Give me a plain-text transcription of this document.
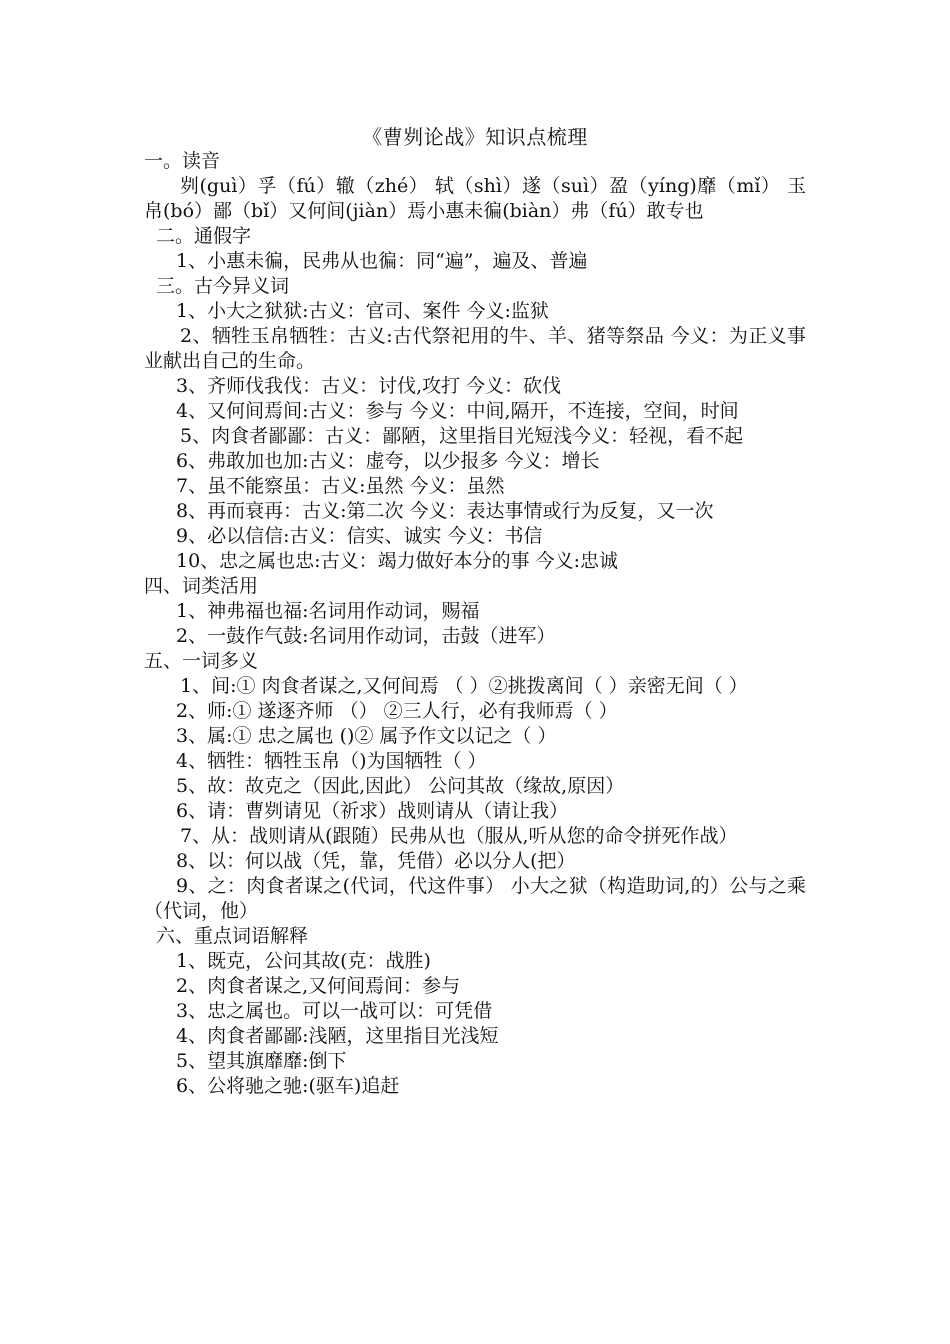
《曹刿论战》知识点梳理

一。读音

刿(guì）孚（fú）辙（zhé） 轼（shì）遂（suì）盈（yíng)靡（mǐ） 玉帛(bó）鄙（bǐ）又何间(jiàn）焉小惠未徧(biàn）弗（fú）敢专也

二。通假字

1、小惠未徧，民弗从也徧：同“遍”，遍及、普遍

三。古今异义词

1、小大之狱狱:古义：官司、案件 今义:监狱

2、牺牲玉帛牺牲：古义:古代祭祀用的牛、羊、猪等祭品 今义：为正义事业献出自己的生命。

3、齐师伐我伐：古义：讨伐,攻打 今义：砍伐

4、又何间焉间:古义：参与 今义：中间,隔开，不连接，空间，时间

5、肉食者鄙鄙：古义：鄙陋，这里指目光短浅今义：轻视，看不起

6、弗敢加也加:古义：虚夸，以少报多 今义：增长

7、虽不能察虽：古义:虽然 今义：虽然

8、再而衰再：古义:第二次 今义：表达事情或行为反复，又一次

9、必以信信:古义：信实、诚实 今义：书信

10、忠之属也忠:古义：竭力做好本分的事 今义:忠诚

四、词类活用

1、神弗福也福:名词用作动词，赐福

2、一鼓作气鼓:名词用作动词，击鼓（进军）

五、一词多义

1、间:① 肉食者谋之,又何间焉 （ ）②挑拨离间（ ）亲密无间（ ）

2、师:① 遂逐齐师 （） ②三人行，必有我师焉（ ）

3、属:① 忠之属也 ()② 属予作文以记之（ ）

4、牺牲：牺牲玉帛（)为国牺牲（ ）

5、故：故克之（因此,因此） 公问其故（缘故,原因）

6、请：曹刿请见（祈求）战则请从（请让我）

7、从：战则请从(跟随）民弗从也（服从,听从您的命令拼死作战）

8、以：何以战（凭，靠，凭借）必以分人(把）

9、之：肉食者谋之(代词，代这件事） 小大之狱（构造助词,的）公与之乘（代词，他）

六、重点词语解释

1、既克，公问其故(克：战胜)

2、肉食者谋之,又何间焉间：参与

3、忠之属也。可以一战可以：可凭借

4、肉食者鄙鄙:浅陋，这里指目光浅短

5、望其旗靡靡:倒下

6、公将驰之驰:(驱车)追赶
